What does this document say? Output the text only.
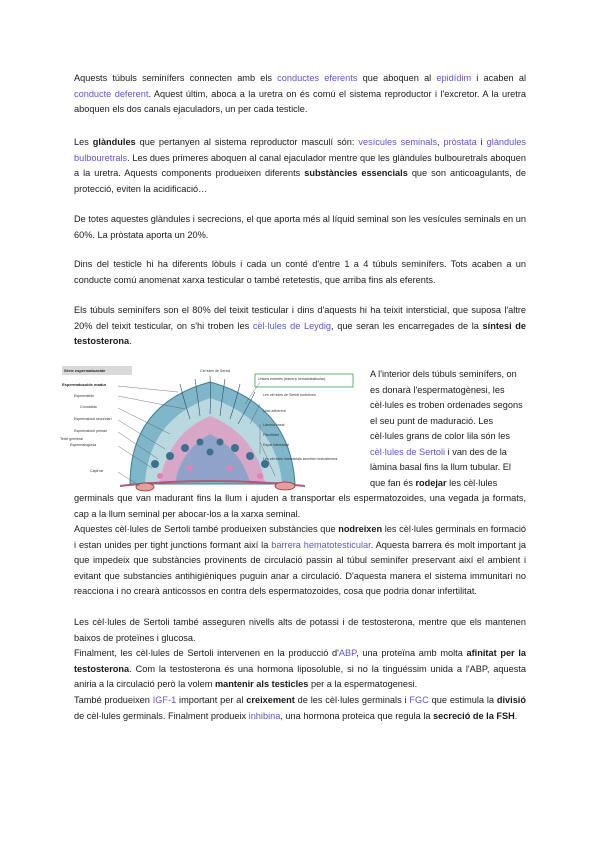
Aquests túbuls seminífers connecten amb els conductes eferents que aboquen al epidídim i acaben al conducte deferent. Aquest últim, aboca a la uretra on és comú el sistema reproductor i l'excretor. A la uretra aboquen els dos canals ejaculadors, un per cada testicle.

Les glàndules que pertanyen al sistema reproductor masculí són: vesícules seminals, pròstata i glàndules bulbouretrals. Les dues primeres aboquen al canal ejaculador mentre que les glàndules bulbouretrals aboquen a la uretra. Aquests components produeixen diferents substàncies essencials que son anticoagulants, de protecció, eviten la acidificació…

De totes aquestes glàndules i secrecions, el que aporta més al líquid seminal son les vesícules seminals en un 60%. La pròstata aporta un 20%.

Dins del testicle hi ha diferents lòbuls i cada un conté d'entre 1 a 4 túbuls seminífers. Tots acaben a un conducte comú anomenat xarxa testicular o també retetestis, que arriba fins als eferents.

Els túbuls seminífers son el 80% del teixit testicular i dins d'aquests hi ha teixit intersticial, que suposa l'altre 20% del teixit testicular, on s'hi troben les cèl·lules de Leydig, que seran les encarregades de la síntesi de testosterona.

Sèrie espermatozoide
Espermatozoide madur
Espermàtide
Cromàtida
Espermatòcit secundari
Espermatòcit primari
Espermatogònia
Capil·lar
Teixit germinal
Cèl·lules de Sertoli
Unions estretes (barrera hematotesticular)
Les cèl·lules de Sertoli nodreixen
Unió adherent
Làmina basal
Fibroblast
Espai intersticial
Les cèl·lules intersticials secreten testosterona

A l'interior dels túbuls seminífers, on es donarà l'espermatogènesi, les cèl·lules es troben ordenades segons el seu punt de maduració. Les cèl·lules grans de color lila són les cèl·lules de Sertoli i van des de la làmina basal fins la llum tubular. El que fan és rodejar les cèl·lules

germinals que van madurant fins la llum i ajuden a transportar els espermatozoides, una vegada ja formats, cap a la llum seminal per abocar-los a la xarxa seminal.

Aquestes cèl·lules de Sertoli també produeixen substàncies que nodreixen les cèl·lules germinals en formació i estan unides per tight junctions formant així la barrera hematotesticular. Aquesta barrera és molt important ja que impedeix que substàncies provinents de circulació passin al túbul seminífer preservant així el ambient i evitant que substancies antihigièniques puguin anar a circulació. D'aquesta manera el sistema immunitari no reacciona i no crearà anticossos en contra dels espermatozoides, cosa que podria donar infertilitat.

Les cèl·lules de Sertoli també asseguren nivells alts de potassi i de testosterona, mentre que els mantenen baixos de proteïnes i glucosa.

Finalment, les cèl·lules de Sertoli intervenen en la producció d'ABP, una proteïna amb molta afinitat per la testosterona. Com la testosterona és una hormona liposoluble, si no la tinguéssim unida a l'ABP, aquesta aniria a la circulació però la volem mantenir als testicles per a la espermatogenesi.

També produeixen IGF-1 important per al creixement de les cèl·lules germinals i FGC que estimula la divisió de cèl·lules germinals. Finalment produeix inhibina, una hormona proteica que regula la secreció de la FSH.
